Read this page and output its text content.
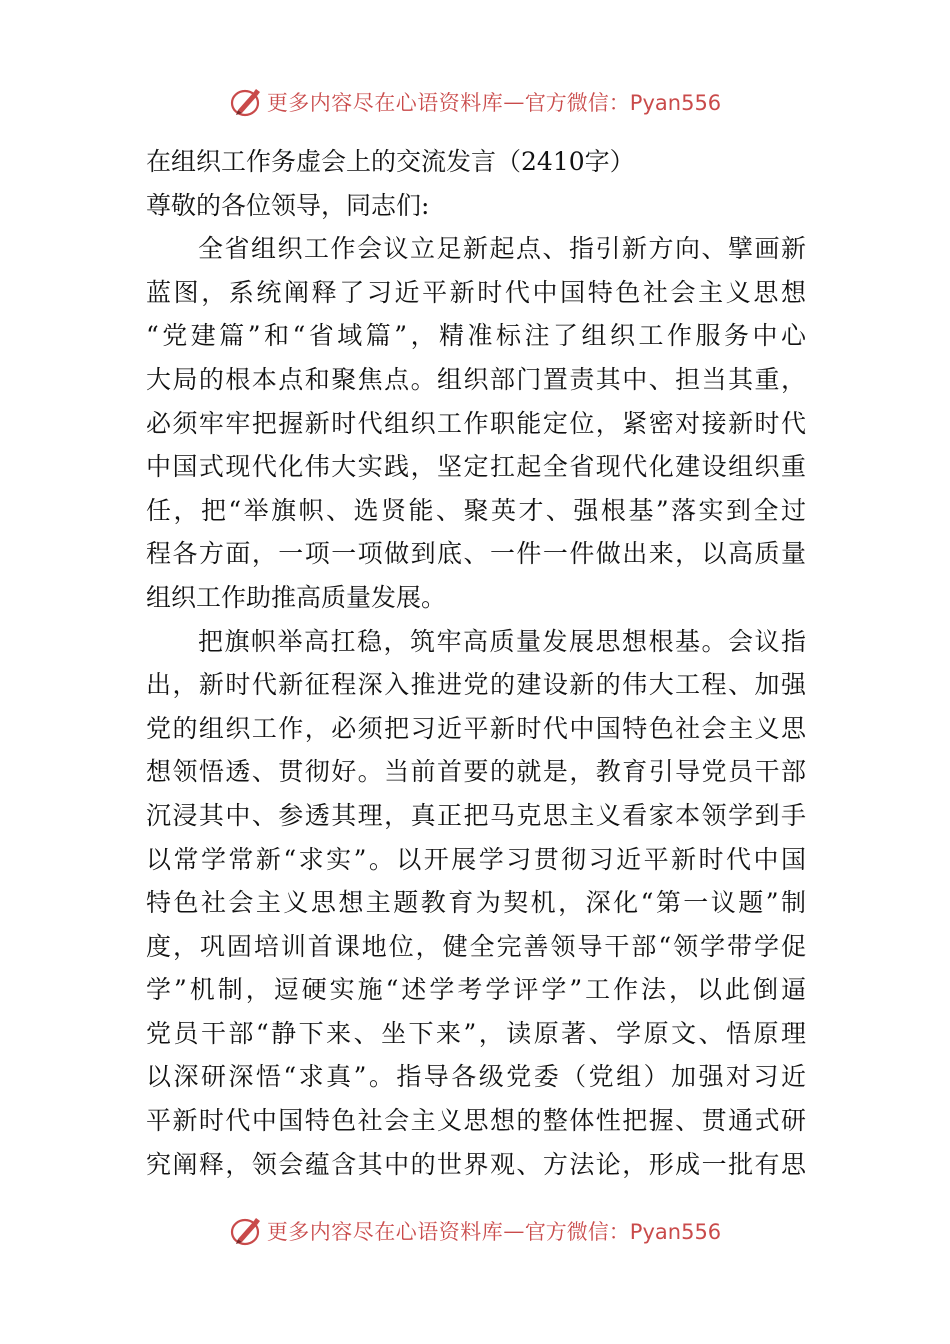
更多内容尽在心语资料库 — 官方微信：Pyan556
在组织工作务虚会上的交流发言（2410字）
尊敬的各位领导，同志们:
全省组织工作会议立足新起点、指引新方向、擘画新
蓝图，系统阐释了习近平新时代中国特色社会主义思想
“党建篇”和“省域篇”，精准标注了组织工作服务中心
大局的根本点和聚焦点。组织部门置责其中、担当其重，
必须牢牢把握新时代组织工作职能定位，紧密对接新时代
中国式现代化伟大实践，坚定扛起全省现代化建设组织重
任，把“举旗帜、选贤能、聚英才、强根基”落实到全过
程各方面，一项一项做到底、一件一件做出来，以高质量
组织工作助推高质量发展。
把旗帜举高扛稳，筑牢高质量发展思想根基。会议指
出，新时代新征程深入推进党的建设新的伟大工程、加强
党的组织工作，必须把习近平新时代中国特色社会主义思
想领悟透、贯彻好。当前首要的就是，教育引导党员干部
沉浸其中、参透其理，真正把马克思主义看家本领学到手
以常学常新“求实”。以开展学习贯彻习近平新时代中国
特色社会主义思想主题教育为契机，深化“第一议题”制
度，巩固培训首课地位，健全完善领导干部“领学带学促
学”机制，逗硬实施“述学考学评学”工作法，以此倒逼
党员干部“静下来、坐下来”，读原著、学原文、悟原理
以深研深悟“求真”。指导各级党委（党组）加强对习近
平新时代中国特色社会主义思想的整体性把握、贯通式研
究阐释，领会蕴含其中的世界观、方法论，形成一批有思
更多内容尽在心语资料库 — 官方微信：Pyan556
